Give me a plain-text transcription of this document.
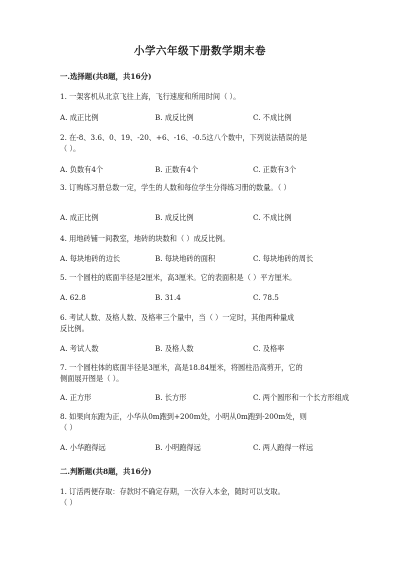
小学六年级下册数学期末卷
一.选择题(共8题，共16分)
1. 一架客机从北京飞往上海，飞行速度和所用时间（ ）。
A. 成正比例	B. 成反比例	C. 不成比例
2. 在-8、3.6、0、19、-20、+6、-16、-0.5这八个数中，下列说法错误的是
（ ）。
A. 负数有4个	B. 正数有4个	C. 正数有3个
3. 订购练习册总数一定，学生的人数和每位学生分得练习册的数量。（ ）
A. 成正比例	B. 成反比例	C. 不成比例
4. 用地砖铺一间教室，地砖的块数和（ ）成反比例。
A. 每块地砖的边长	B. 每块地砖的面积	C. 每块地砖的周长
5. 一个圆柱的底面半径是2厘米，高3厘米。它的表面积是（ ）平方厘米。
A. 62.8	B. 31.4	C. 78.5
6. 考试人数、及格人数、及格率三个量中，当（ ）一定时，其他两种量成
反比例。
A. 考试人数	B. 及格人数	C. 及格率
7. 一个圆柱体的底面半径是3厘米，高是18.84厘米，将圆柱沿高剪开，它的
侧面展开图是（ ）。
A. 正方形	B. 长方形	C. 两个圆形和一个长方形组成
8. 如果向东跑为正，小华从0m跑到+200m处，小明从0m跑到-200m处，则
（ ）
A. 小华跑得远	B. 小明跑得远	C. 两人跑得一样远
二.判断题(共8题，共16分)
1. 订活两便存取：存款时不确定存期，一次存入本金，随时可以支取。
（ ）
